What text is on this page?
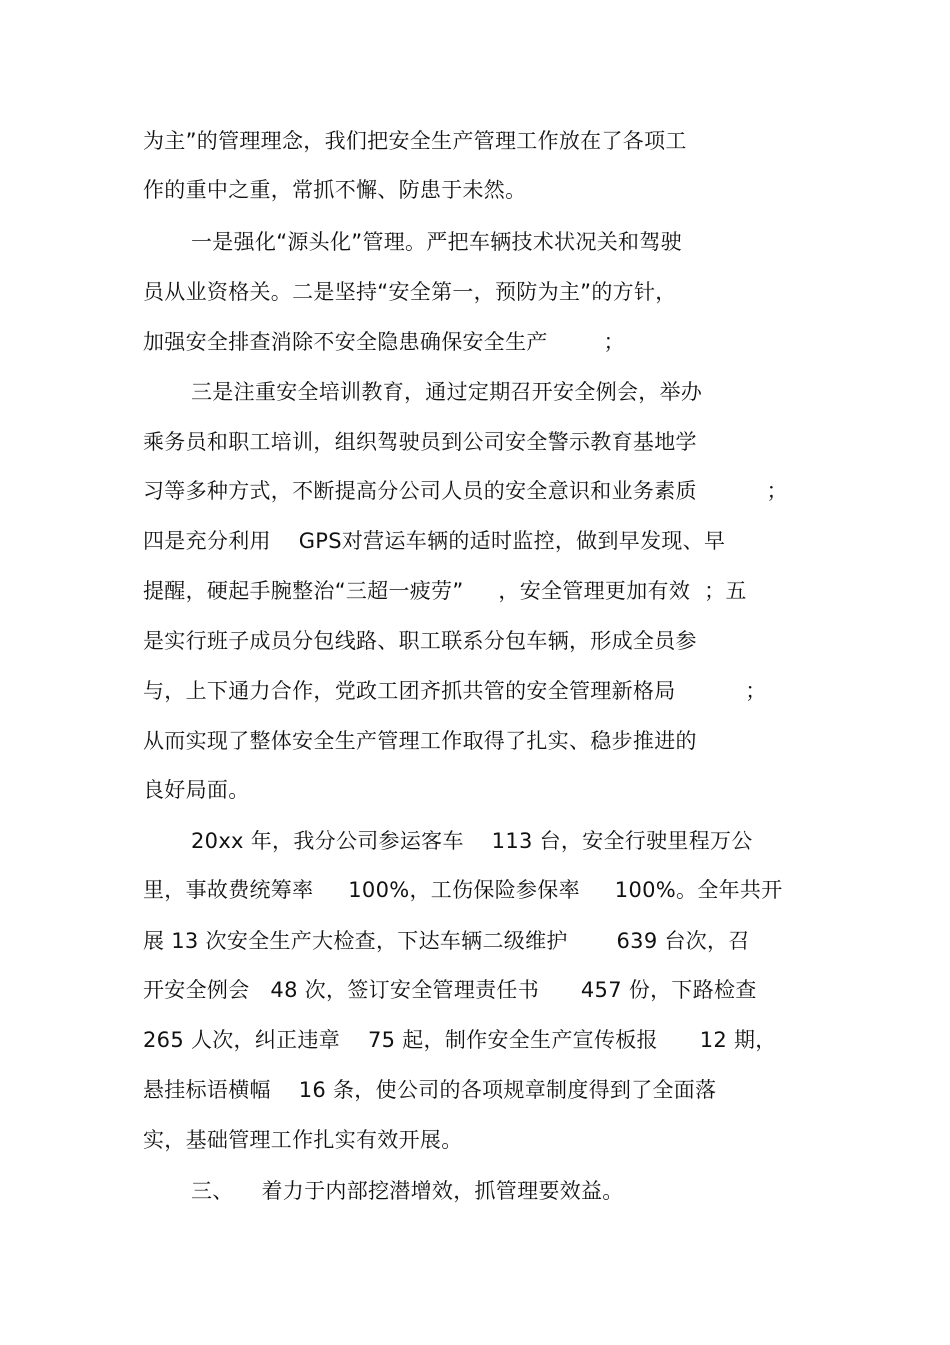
为主”的管理理念，我们把安全生产管理工作放在了各项工
作的重中之重，常抓不懈、防患于未然。
一是强化“源头化”管理。严把车辆技术状况关和驾驶
员从业资格关。二是坚持“安全第一，预防为主”的方针，
加强安全排查消除不安全隐患确保安全生产        ；
三是注重安全培训教育，通过定期召开安全例会，举办
乘务员和职工培训，组织驾驶员到公司安全警示教育基地学
习等多种方式，不断提高分公司人员的安全意识和业务素质          ；
四是充分利用    GPS对营运车辆的适时监控，做到早发现、早
提醒，硬起手腕整治“三超一疲劳”     ，安全管理更加有效  ；五
是实行班子成员分包线路、职工联系分包车辆，形成全员参
与，上下通力合作，党政工团齐抓共管的安全管理新格局          ；
从而实现了整体安全生产管理工作取得了扎实、稳步推进的
良好局面。
20xx 年，我分公司参运客车    113 台，安全行驶里程万公
里，事故费统筹率     100%，工伤保险参保率     100%。全年共开
展 13 次安全生产大检查，下达车辆二级维护       639 台次，召
开安全例会   48 次，签订安全管理责任书      457 份，下路检查
265 人次，纠正违章    75 起，制作安全生产宣传板报      12 期，
悬挂标语横幅    16 条，使公司的各项规章制度得到了全面落
实，基础管理工作扎实有效开展。
三、    着力于内部挖潜增效，抓管理要效益。
